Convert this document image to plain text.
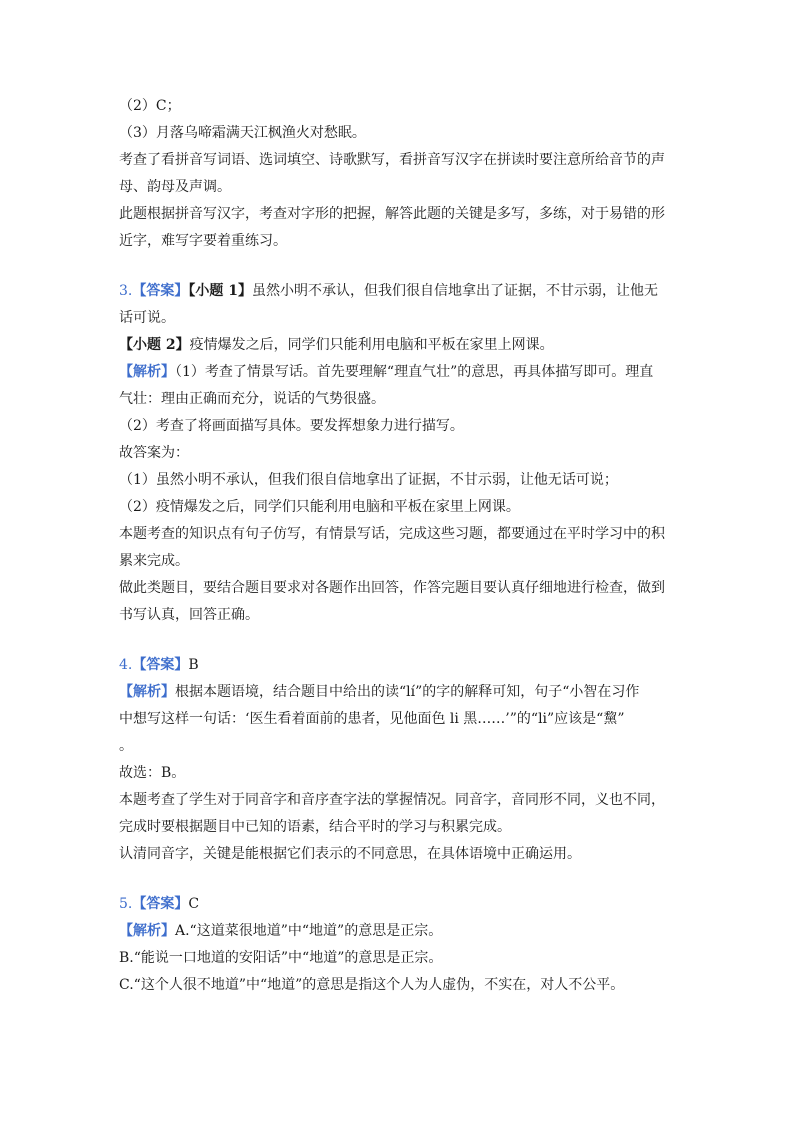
（2）C；
（3）月落乌啼霜满天江枫渔火对愁眠。
考查了看拼音写词语、选词填空、诗歌默写，看拼音写汉字在拼读时要注意所给音节的声
母、韵母及声调。
此题根据拼音写汉字，考查对字形的把握，解答此题的关键是多写，多练，对于易错的形
近字，难写字要着重练习。
3.【答案】【小题 1】虽然小明不承认，但我们很自信地拿出了证据，不甘示弱，让他无
话可说。
【小题 2】疫情爆发之后，同学们只能利用电脑和平板在家里上网课。
【解析】（1）考查了情景写话。首先要理解“理直气壮”的意思，再具体描写即可。理直
气壮：理由正确而充分，说话的气势很盛。
（2）考查了将画面描写具体。要发挥想象力进行描写。
故答案为：
（1）虽然小明不承认，但我们很自信地拿出了证据，不甘示弱，让他无话可说；
（2）疫情爆发之后，同学们只能利用电脑和平板在家里上网课。
本题考查的知识点有句子仿写，有情景写话，完成这些习题，都要通过在平时学习中的积
累来完成。
做此类题目，要结合题目要求对各题作出回答，作答完题目要认真仔细地进行检查，做到
书写认真，回答正确。
4.【答案】B
【解析】根据本题语境，结合题目中给出的读“lí”的字的解释可知，句子“小智在习作
中想写这样一句话：‘医生看着面前的患者，见他面色 li 黑……’”的“li”应该是“黧”
。
故选：B。
本题考查了学生对于同音字和音序查字法的掌握情况。同音字，音同形不同，义也不同，
完成时要根据题目中已知的语素，结合平时的学习与积累完成。
认清同音字，关键是能根据它们表示的不同意思，在具体语境中正确运用。
5.【答案】C
【解析】A.“这道菜很地道”中“地道”的意思是正宗。
B.“能说一口地道的安阳话”中“地道”的意思是正宗。
C.“这个人很不地道”中“地道”的意思是指这个人为人虚伪，不实在，对人不公平。
